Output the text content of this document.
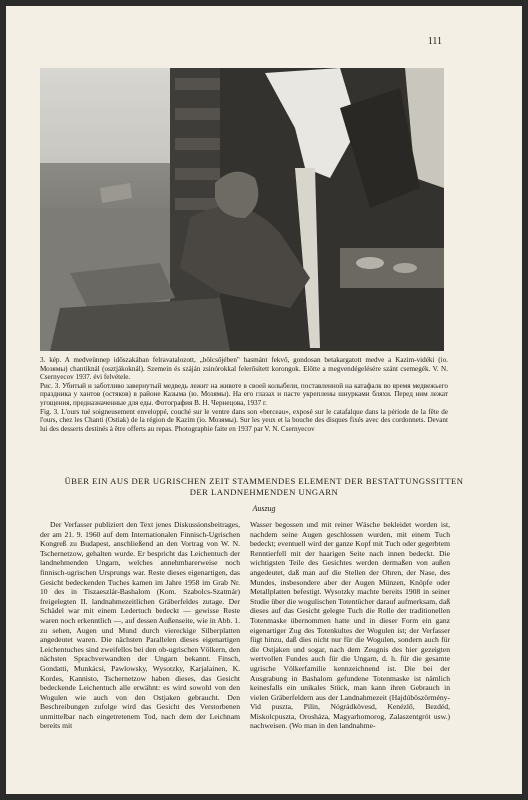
111

3. kép. A medveünnep időszakában felravatalozott, „bölcsőjében" hasmánt fekvő, gondosan betakargatott medve a Kazim-vidéki (io. Мозямы) chantiknál (osztjákoknál). Szemein és száján zsinórokkal felerősített korongok. Előtte a megvendégelésére szánt csemegék. V. N. Csernyecov 1937. évi felvétele.

Рис. 3. Убитый и заботливо завернутый медведь лежит на животе в своей колыбели, поставленной на катафалк во время медвежьего праздника у хантов (остяков) в районе Казыма (ю. Мозямы). На его глазах и пасте укреплены шнурками бляхи. Перед ним лежат угощения, предназначенные для еды. Фотография В. Н. Чернецова, 1937 г.

Fig. 3. L'ours tué soigneusement enveloppé, couché sur le ventre dans son «berceau», exposé sur le catafalque dans la période de la fête de l'ours, chez les Chanti (Ostiak) de la région de Kazim (io. Мозямы). Sur les yeux et la bouche des disques fixés avec des cordonnets. Devant lui des desserts destinés à être offerts au repas. Photographie faite en 1937 par V. N. Csernyecov

ÜBER EIN AUS DER UGRISCHEN ZEIT STAMMENDES ELEMENT DER BESTATTUNGSSITTEN
DER LANDNEHMENDEN UNGARN
Auszug

Der Verfasser publiziert den Text jenes Diskussionsbeitrages, der am 21. 9. 1960 auf dem Internationalen Finnisch-Ugrischen Kongreß zu Budapest, anschließend an den Vortrag von W. N. Tschernetzow, gehalten wurde. Er bespricht das Leichentuch der landnehmenden Ungarn, welches annehmbarerweise noch finnisch-ugrischen Ursprungs war. Reste dieses eigenartigen, das Gesicht bedeckenden Tuches kamen im Jahre 1958 im Grab Nr. 10 des in Tiszaeszlár-Bashalom (Kom. Szabolcs-Szatmár) freigelegten II. landnahmezeitlichen Gräberfeldes zutage. Der Schädel war mit einem Ledertuch bedeckt — gewisse Reste waren noch erkenntlich —, auf dessen Außenseite, wie in Abb. 1. zu sehen, Augen und Mund durch viereckige Silberplatten angedeutet waren. Die nächsten Parallelen dieses eigenartigen Leichentuches sind zweifellos bei den ob-ugrischen Völkern, den nächsten Sprachverwandten der Ungarn bekannt. Finsch, Gondatti, Munkácsi, Pawlowsky, Wysotzky, Karjalainen, K. Kordes, Kannisto, Tschernetzow haben dieses, das Gesicht bedeckende Leichentuch alle erwähnt: es wird sowohl von den Wogulen wie auch von den Ostjaken gebraucht. Den Beschreibungen zufolge wird das Gesicht des Verstorbenen unmittelbar nach eingetretenem Tod, nach dem der Leichnam bereits mit

Wasser begossen und mit reiner Wäsche bekleidet worden ist, nachdem seine Augen geschlossen wurden, mit einem Tuch bedeckt; eventuell wird der ganze Kopf mit Tuch oder gegerbtem Renntierfell mit der haarigen Seite nach innen bedeckt. Die wichtigsten Teile des Gesichtes werden dermaßen von außen angedeutet, daß man auf die Stellen der Ohren, der Nase, des Mundes, insbesondere aber der Augen Münzen, Knöpfe oder Metallplatten befestigt. Wysotzky machte bereits 1908 in seiner Studie über die wogulischen Totentücher darauf aufmerksam, daß dieses auf das Gesicht gelegte Tuch die Rolle der traditionellen Totenmaske übernommen hatte und in dieser Form ein ganz eigenartiger Zug des Totenkultes der Wogulen ist; der Verfasser fügt hinzu, daß dies nicht nur für die Wogulen, sondern auch für die Ostjaken und sogar, nach dem Zeugnis des hier gezeigten wertvollen Fundes auch für die Ungarn, d. h. für die gesamte ugrische Völkerfamilie kennzeichnend ist. Die bei der Ausgrabung in Bashalom gefundene Totenmaske ist nämlich keinesfalls ein unikales Stück, man kann ihren Gebrauch in vielen Gräberfeldern aus der Landnahmezeit (Hajdúböszörmény-Vid puszta, Pilin, Nógrádkövesd, Kenézlő, Bezdéd, Miskolcpuszta, Orosháza, Magyarhomorog, Zalaszentgrót usw.) nachweisen. (Wo man in den landnahme-
